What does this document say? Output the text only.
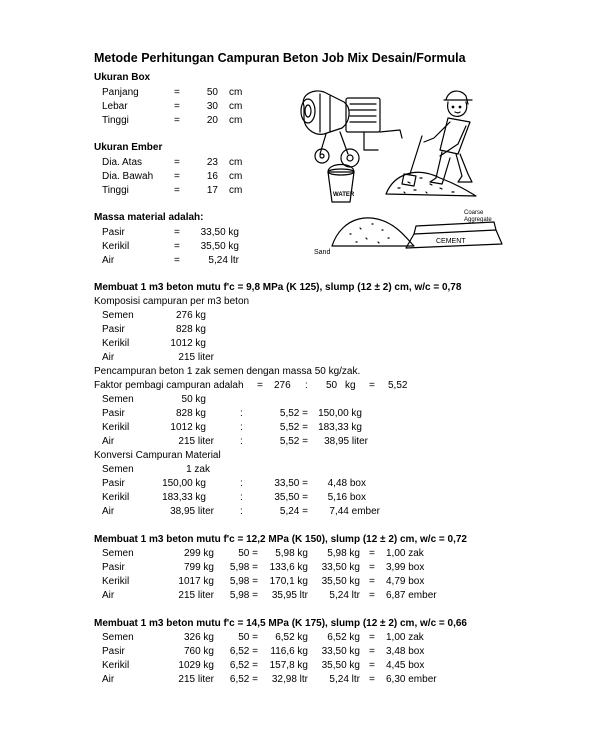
Metode Perhitungan Campuran Beton Job Mix Desain/Formula
Ukuran Box
Panjang	=	50 cm
Lebar	=	30 cm
Tinggi	=	20 cm
Ukuran Ember
Dia. Atas	=	23 cm
Dia. Bawah =	16 cm
Tinggi	=	17 cm
Massa material adalah:
Pasir	=	33,50 kg
Kerikil	=	35,50 kg
Air	=	5,24 ltr
WATER
CEMENT
Sand
Coarse
Aggregate
Membuat 1 m3 beton mutu f'c = 9,8 MPa (K 125), slump (12 ± 2) cm, w/c = 0,78
Komposisi campuran per m3 beton
Semen	276 kg
Pasir	828 kg
Kerikil	1012 kg
Air	215 liter
Pencampuran beton 1 zak semen dengan massa 50 kg/zak.
Faktor pembagi campuran adalah = 276 : 50 kg = 5,52
Semen	50 kg
Pasir	828 kg	:	5,52 =	150,00 kg
Kerikil	1012 kg	:	5,52 =	183,33 kg
Air	215 liter	:	5,52 =	38,95 liter
Konversi Campuran Material
Semen	1 zak
Pasir	150,00 kg	:	33,50 =	4,48 box
Kerikil	183,33 kg	:	35,50 =	5,16 box
Air	38,95 liter	:	5,24 =	7,44 ember
Membuat 1 m3 beton mutu f'c = 12,2 MPa (K 150), slump (12 ± 2) cm, w/c = 0,72
Semen	299 kg	50 =	5,98 kg	5,98 kg = 1,00 zak
Pasir	799 kg	5,98 =	133,6 kg	33,50 kg = 3,99 box
Kerikil	1017 kg	5,98 =	170,1 kg	35,50 kg = 4,79 box
Air	215 liter	5,98 =	35,95 ltr	5,24 ltr = 6,87 ember
Membuat 1 m3 beton mutu f'c = 14,5 MPa (K 175), slump (12 ± 2) cm, w/c = 0,66
Semen	326 kg	50 =	6,52 kg	6,52 kg = 1,00 zak
Pasir	760 kg	6,52 =	116,6 kg	33,50 kg = 3,48 box
Kerikil	1029 kg	6,52 =	157,8 kg	35,50 kg = 4,45 box
Air	215 liter	6,52 =	32,98 ltr	5,24 ltr = 6,30 ember
